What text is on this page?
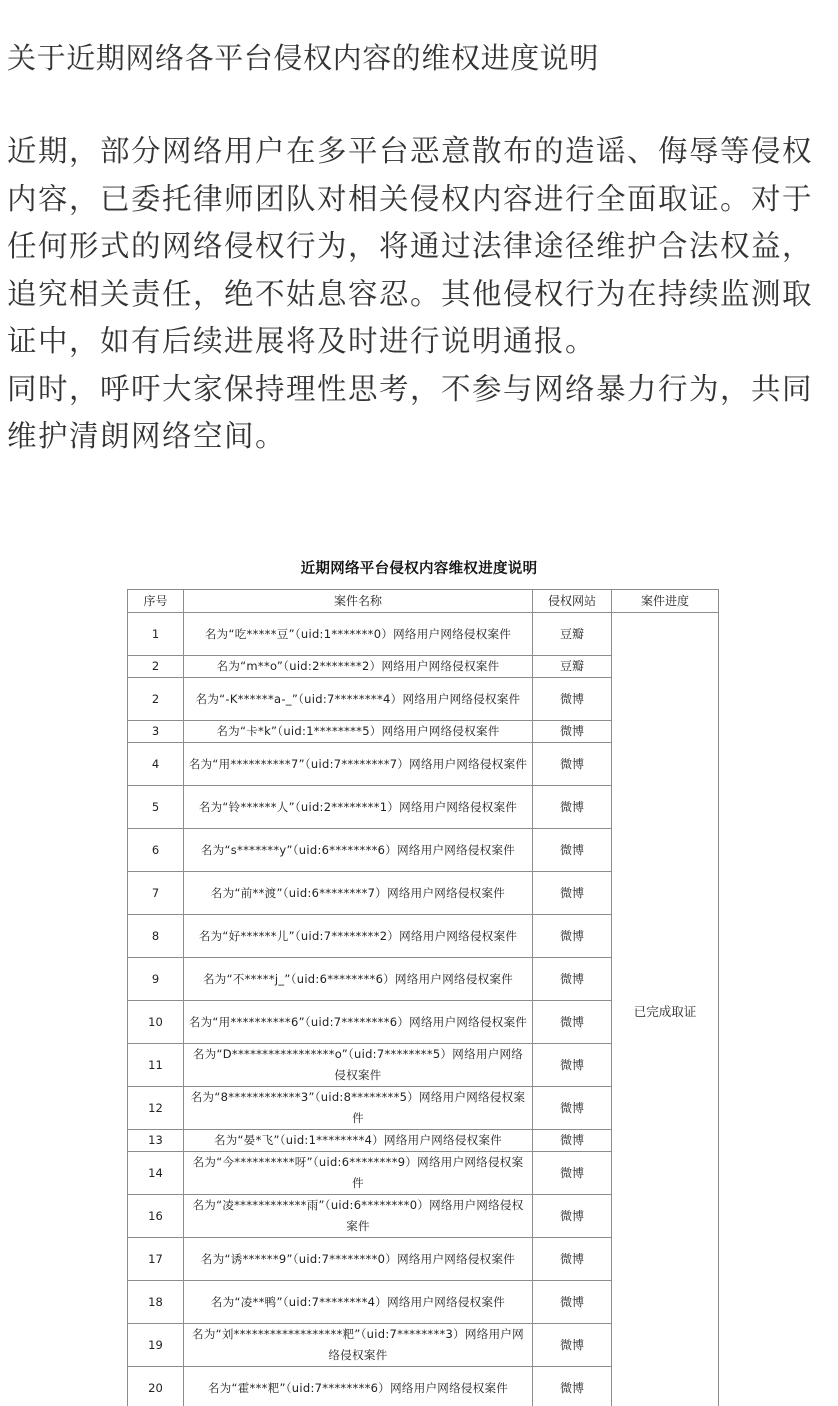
关于近期网络各平台侵权内容的维权进度说明

近期，部分网络用户在多平台恶意散布的造谣、侮辱等侵权内容，已委托律师团队对相关侵权内容进行全面取证。对于任何形式的网络侵权行为，将通过法律途径维护合法权益，追究相关责任，绝不姑息容忍。其他侵权行为在持续监测取证中，如有后续进展将及时进行说明通报。

同时，呼吁大家保持理性思考，不参与网络暴力行为，共同维护清朗网络空间。

近期网络平台侵权内容维权进度说明
序号	案件名称	侵权网站	案件进度
1	名为“吃*****豆”（uid:1*******0）网络用户网络侵权案件	豆瓣	已完成取证
2	名为“m**o”（uid:2*******2）网络用户网络侵权案件	豆瓣	
2	名为“-K******a-_”（uid:7********4）网络用户网络侵权案件	微博	
3	名为“卡*k”（uid:1********5）网络用户网络侵权案件	微博	
4	名为“用**********7”（uid:7********7）网络用户网络侵权案件	微博	
5	名为“铃******人”（uid:2********1）网络用户网络侵权案件	微博	
6	名为“s*******y”（uid:6********6）网络用户网络侵权案件	微博	
7	名为“前**渡”（uid:6********7）网络用户网络侵权案件	微博	
8	名为“好******儿”（uid:7********2）网络用户网络侵权案件	微博	
9	名为“不*****j_”（uid:6********6）网络用户网络侵权案件	微博	
10	名为“用**********6”（uid:7********6）网络用户网络侵权案件	微博	
11	名为“D*****************o”（uid:7********5）网络用户网络侵权案件	微博	
12	名为“8************3”（uid:8********5）网络用户网络侵权案件	微博	
13	名为“晏*飞”（uid:1********4）网络用户网络侵权案件	微博	
14	名为“今**********呀”（uid:6********9）网络用户网络侵权案件	微博	
16	名为“凌************雨”（uid:6********0）网络用户网络侵权案件	微博	
17	名为“诱******9”（uid:7********0）网络用户网络侵权案件	微博	
18	名为“凌**鸭”（uid:7********4）网络用户网络侵权案件	微博	
19	名为“刘******************粑”（uid:7********3）网络用户网络侵权案件	微博	
20	名为“霍***粑”（uid:7********6）网络用户网络侵权案件	微博	
